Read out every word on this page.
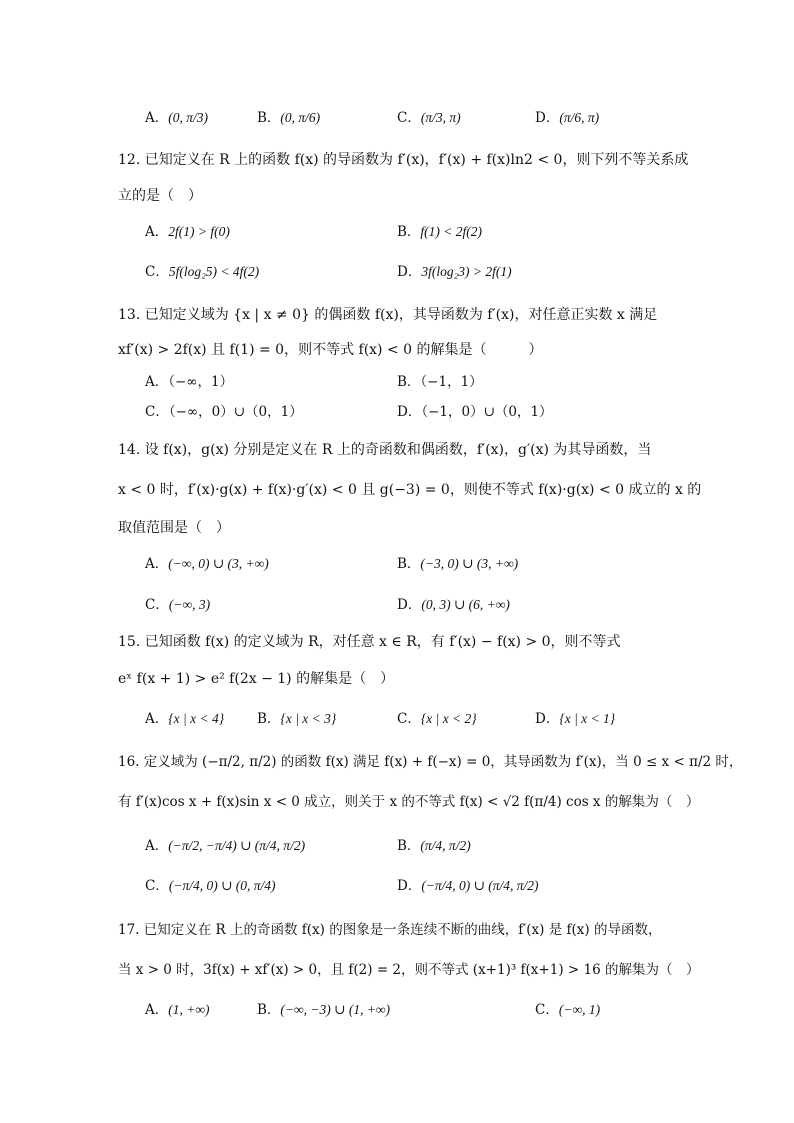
A．(0, π/3)	B．(0, π/6)	C．(π/3, π)	D．(π/6, π)
12. 已知定义在 R 上的函数 f(x) 的导函数为 f′(x)，f′(x) + f(x)ln2 < 0，则下列不等关系成
立的是（　）
A．2f(1) > f(0)	B．f(1) < 2f(2)
C．5f(log₂5) < 4f(2)	D．3f(log₂3) > 2f(1)
13. 已知定义域为 {x | x ≠ 0} 的偶函数 f(x)，其导函数为 f′(x)，对任意正实数 x 满足
xf′(x) > 2f(x) 且 f(1) = 0，则不等式 f(x) < 0 的解集是（　　　）
A．（−∞，1）	B．（−1，1）
C．（−∞，0）∪（0，1）	D．（−1，0）∪（0，1）
14. 设 f(x)，g(x) 分别是定义在 R 上的奇函数和偶函数，f′(x)，g′(x) 为其导函数，当
x < 0 时，f′(x)·g(x) + f(x)·g′(x) < 0 且 g(−3) = 0，则使不等式 f(x)·g(x) < 0 成立的 x 的
取值范围是（　）
A．(−∞, 0) ∪ (3, +∞)	B．(−3, 0) ∪ (3, +∞)
C．(−∞, 3)	D．(0, 3) ∪ (6, +∞)
15. 已知函数 f(x) 的定义域为 R，对任意 x ∈ R，有 f′(x) − f(x) > 0，则不等式
eˣ f(x + 1) > e² f(2x − 1) 的解集是（　）
A．{x | x < 4} B．{x | x < 3}	C．{x | x < 2}	D．{x | x < 1}
16. 定义域为 (−π/2, π/2) 的函数 f(x) 满足 f(x) + f(−x) = 0，其导函数为 f′(x)，当 0 ≤ x < π/2 时，
有 f′(x)cos x + f(x)sin x < 0 成立，则关于 x 的不等式 f(x) < √2 f(π/4) cos x 的解集为（　）
A．(−π/2, −π/4) ∪ (π/4, π/2)	B．(π/4, π/2)
C．(−π/4, 0) ∪ (0, π/4)	D．(−π/4, 0) ∪ (π/4, π/2)
17. 已知定义在 R 上的奇函数 f(x) 的图象是一条连续不断的曲线，f′(x) 是 f(x) 的导函数，
当 x > 0 时，3f(x) + xf′(x) > 0，且 f(2) = 2，则不等式 (x+1)³ f(x+1) > 16 的解集为（　）
A．(1, +∞)	B．(−∞, −3) ∪ (1, +∞)	C．(−∞, 1)
